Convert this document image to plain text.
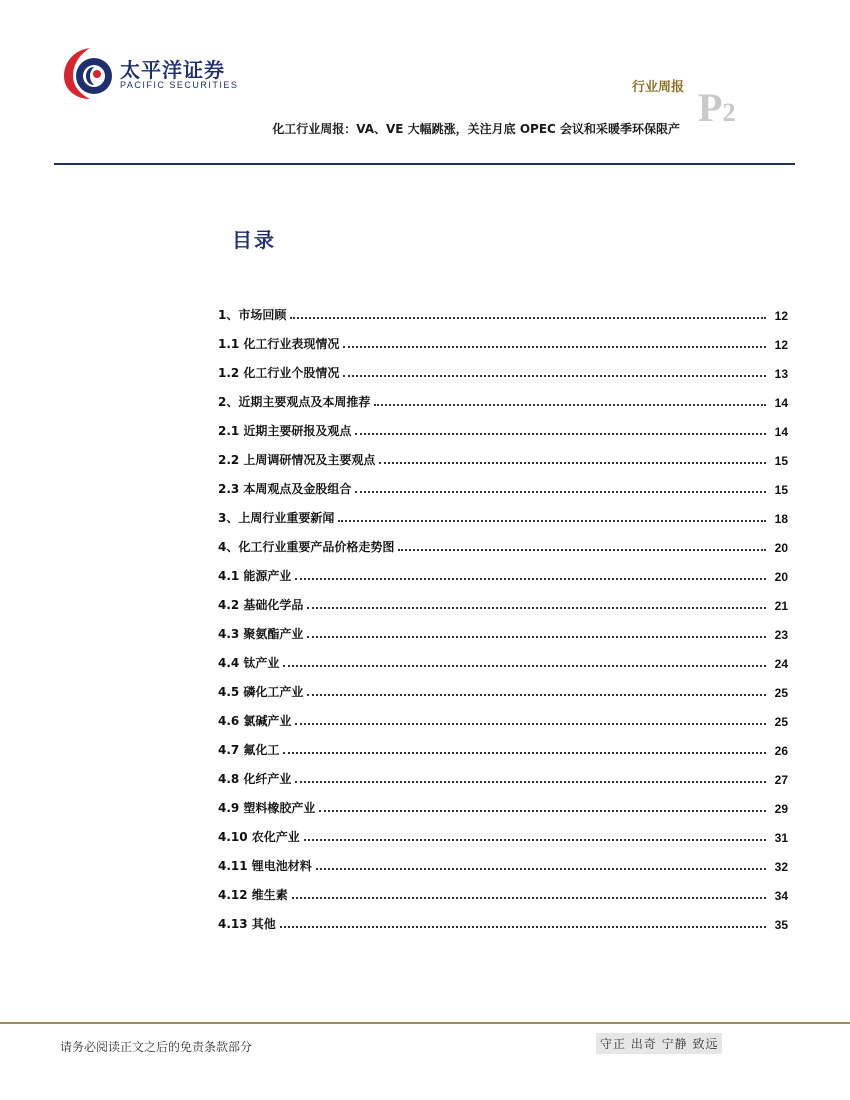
太平洋证券
PACIFIC SECURITIES	行业周报 P2
化工行业周报：VA、VE 大幅跳涨，关注月底 OPEC 会议和采暖季环保限产
目录
1、市场回顾	12
1.1 化工行业表现情况	12
1.2 化工行业个股情况	13
2、近期主要观点及本周推荐	14
2.1 近期主要研报及观点	14
2.2 上周调研情况及主要观点	15
2.3 本周观点及金股组合	15
3、上周行业重要新闻	18
4、化工行业重要产品价格走势图	20
4.1 能源产业	20
4.2 基础化学品	21
4.3 聚氨酯产业	23
4.4 钛产业	24
4.5 磷化工产业	25
4.6 氯碱产业	25
4.7 氟化工	26
4.8 化纤产业	27
4.9 塑料橡胶产业	29
4.10 农化产业	31
4.11 锂电池材料	32
4.12 维生素	34
4.13 其他	35
请务必阅读正文之后的免责条款部分	守正 出奇 宁静 致远
